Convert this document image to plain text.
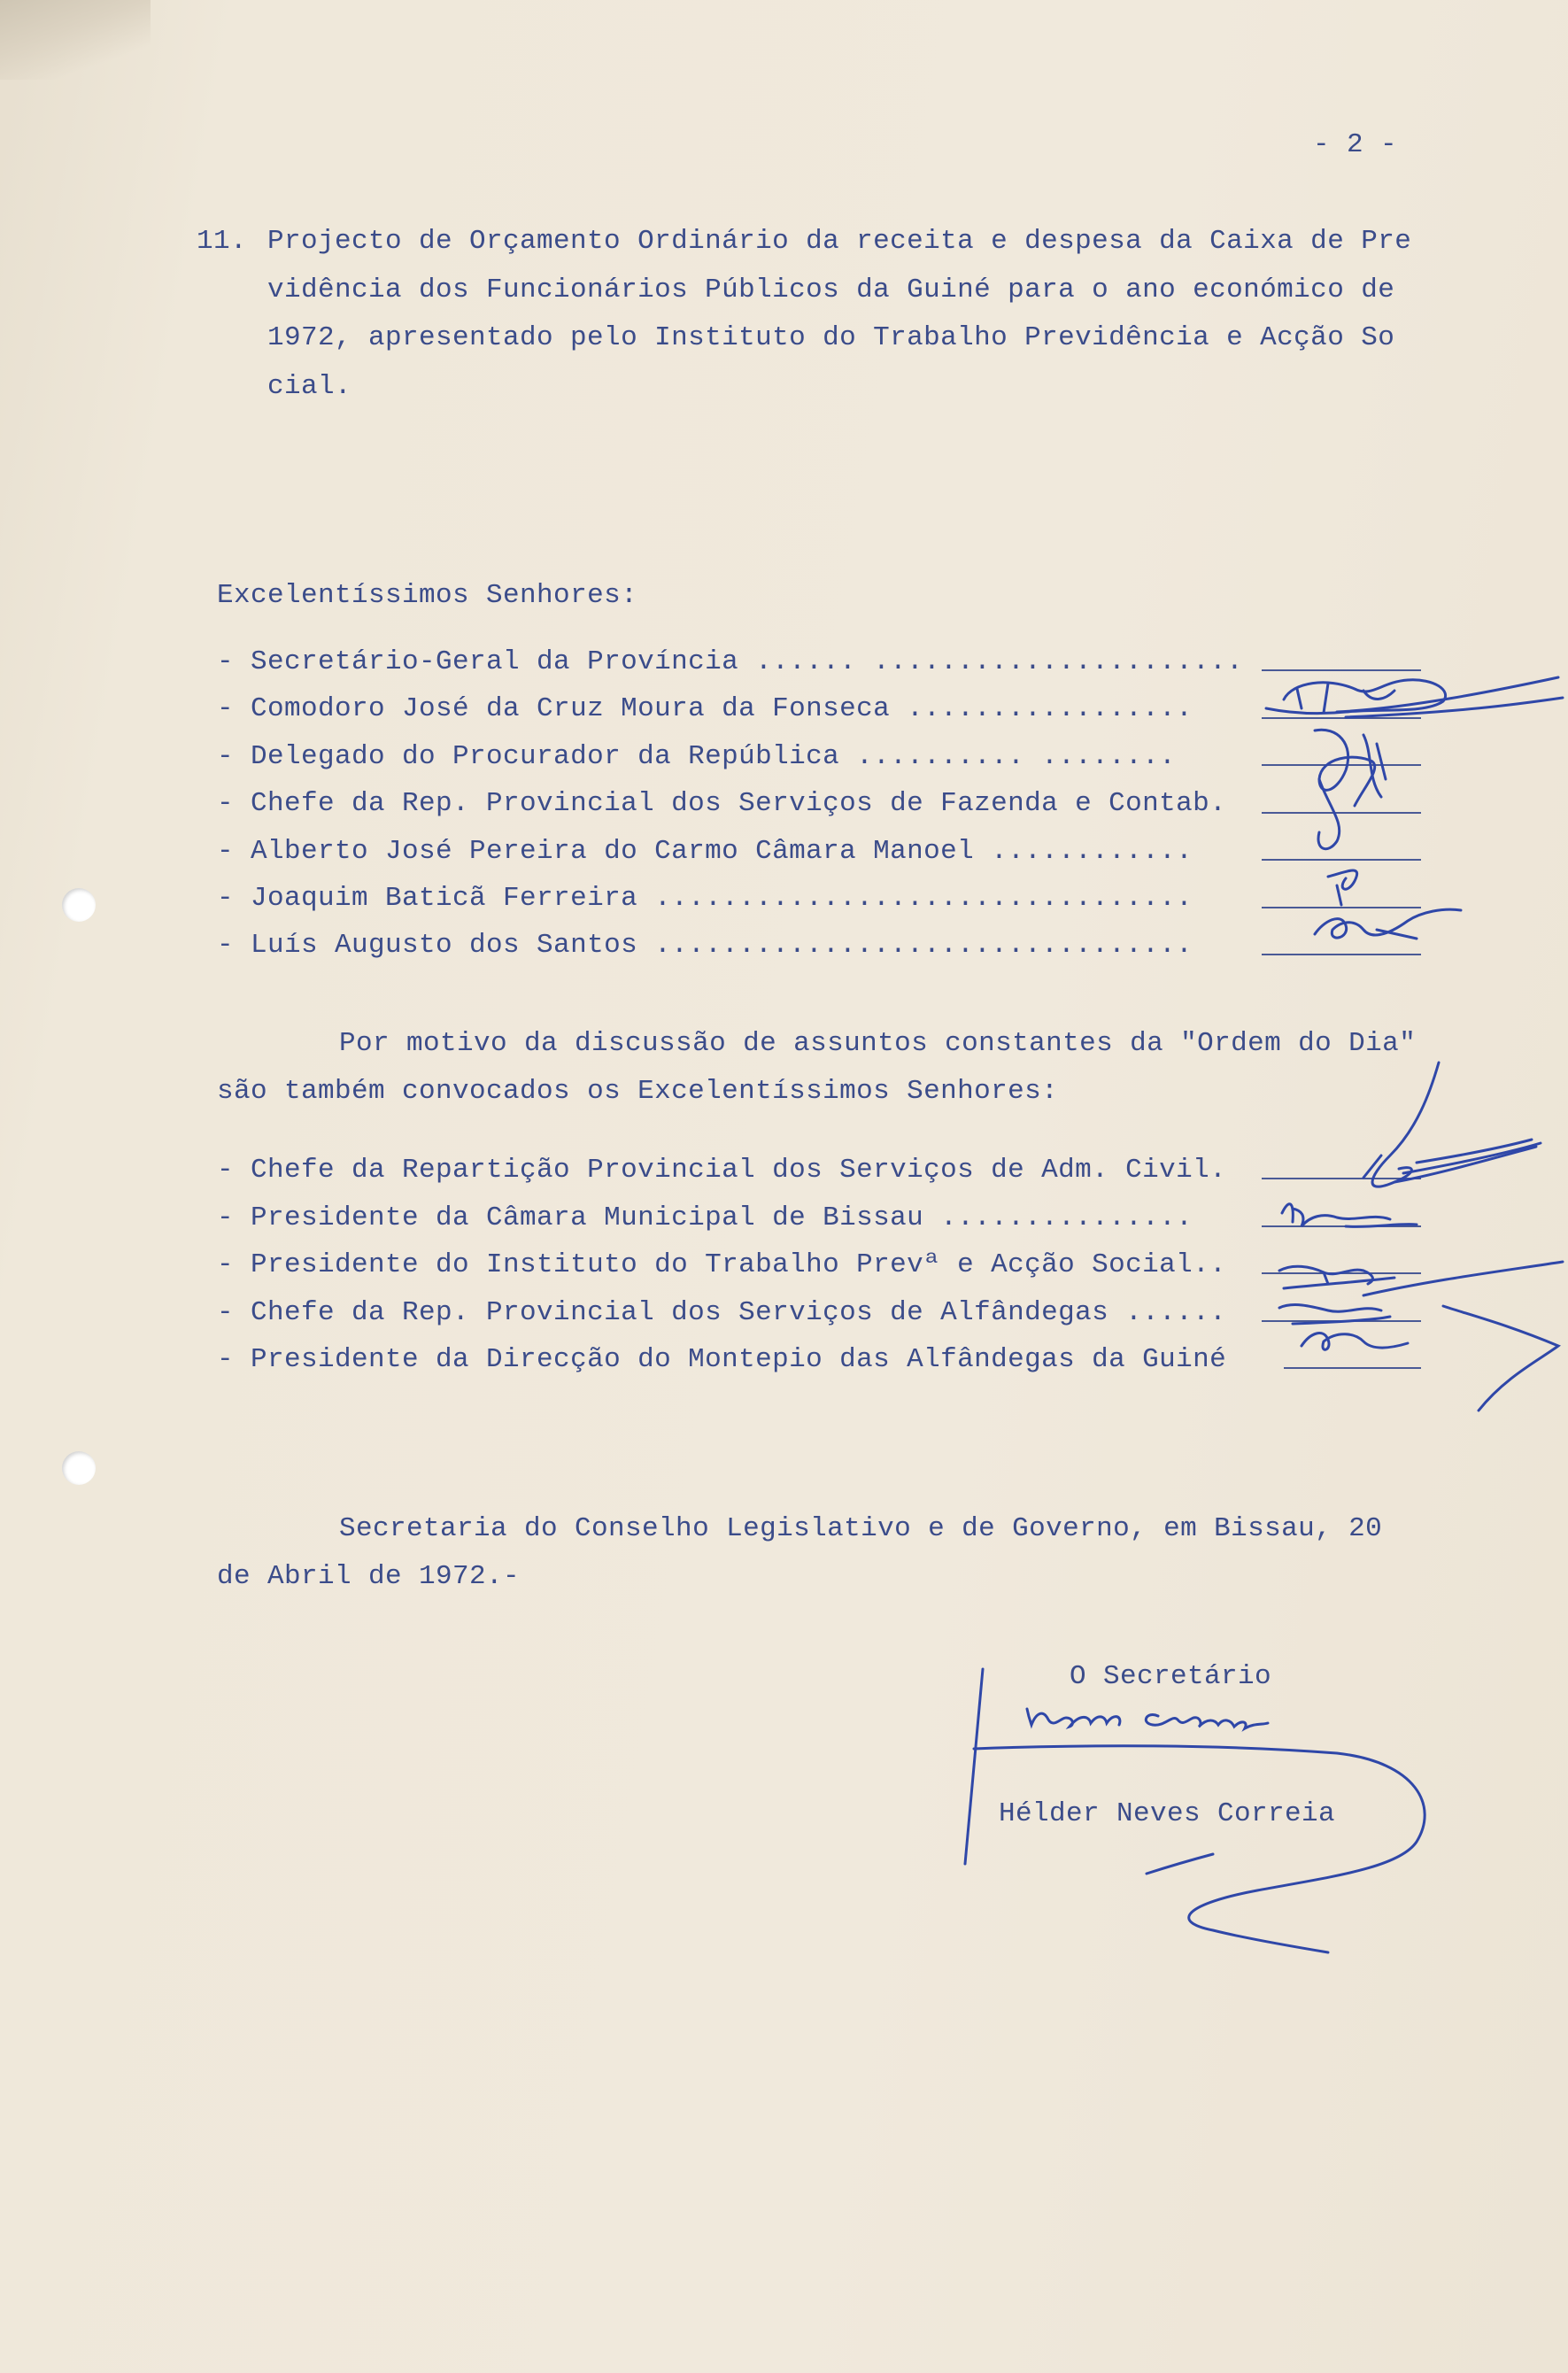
- 2 -
11. Projecto de Orçamento Ordinário da receita e despesa da Caixa de Pre
vidência dos Funcionários Públicos da Guiné para o ano económico de
1972, apresentado pelo Instituto do Trabalho Previdência e Acção So
cial.
Excelentíssimos Senhores:
- Secretário-Geral da Província ...... ......................
- Comodoro José da Cruz Moura da Fonseca .................
- Delegado do Procurador da República .......... ........
- Chefe da Rep. Provincial dos Serviços de Fazenda e Contab.
- Alberto José Pereira do Carmo Câmara Manoel ............
- Joaquim Baticã Ferreira ................................
- Luís Augusto dos Santos ................................
Por motivo da discussão de assuntos constantes da "Ordem do Dia"
são também convocados os Excelentíssimos Senhores:
- Chefe da Repartição Provincial dos Serviços de Adm. Civil.
- Presidente da Câmara Municipal de Bissau ...............
- Presidente do Instituto do Trabalho Prevª e Acção Social..
- Chefe da Rep. Provincial dos Serviços de Alfândegas ......
- Presidente da Direcção do Montepio das Alfândegas da Guiné
Secretaria do Conselho Legislativo e de Governo, em Bissau, 20
de Abril de 1972.-
O Secretário
Hélder Neves Correia
